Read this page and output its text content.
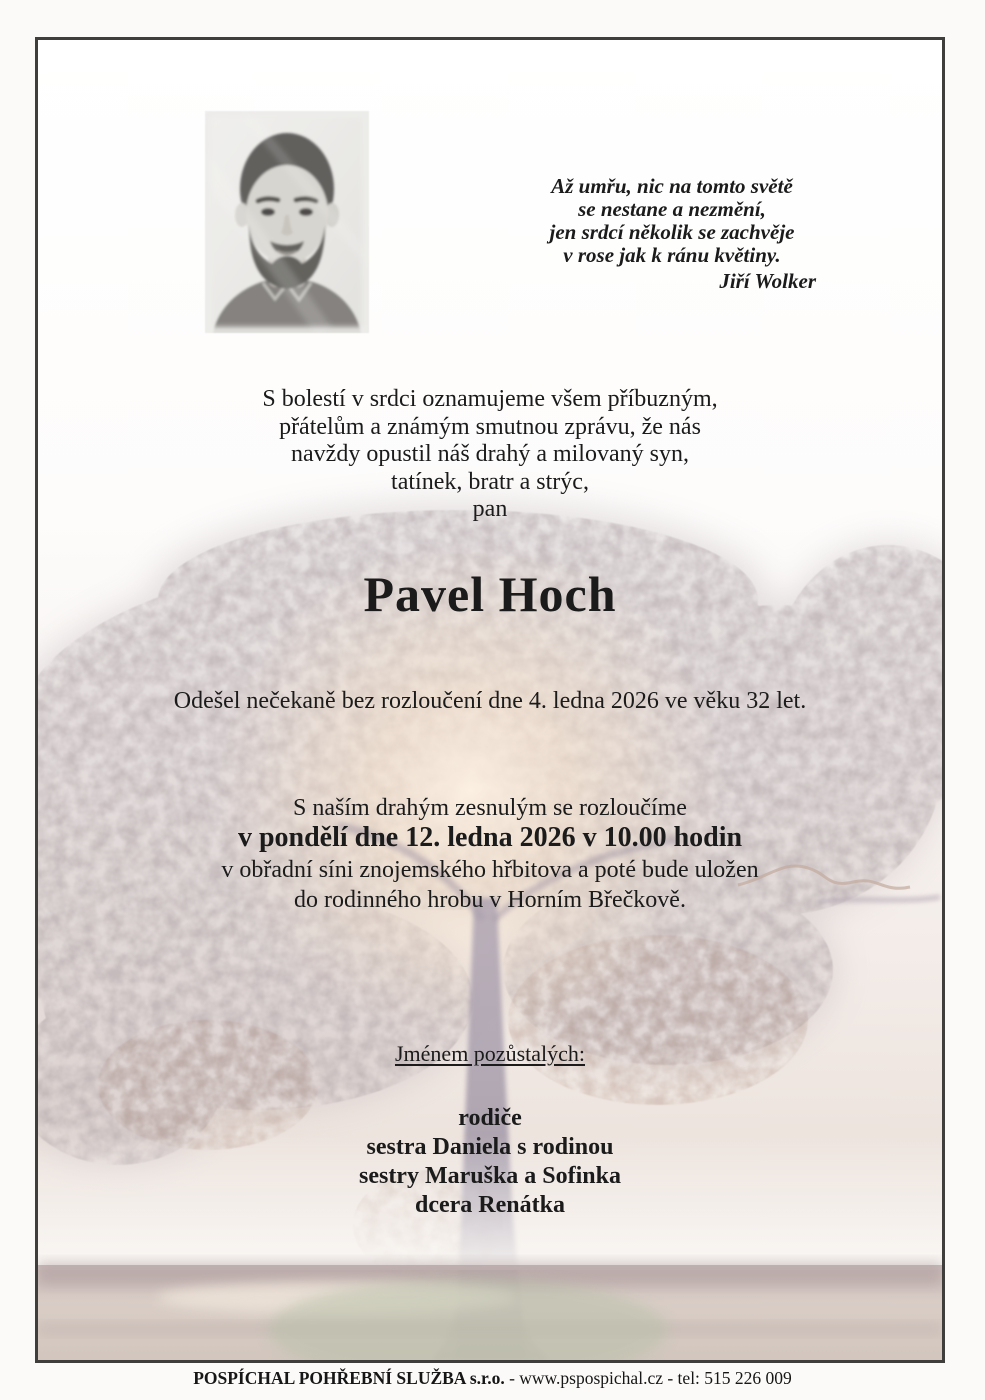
Až umřu, nic na tomto světě
se nestane a nezmění,
jen srdcí několik se zachvěje
v rose jak k ránu květiny.
Jiří Wolker
S bolestí v srdci oznamujeme všem příbuzným,
přátelům a známým smutnou zprávu, že nás
navždy opustil náš drahý a milovaný syn,
tatínek, bratr a strýc,
pan
Pavel Hoch
Odešel nečekaně bez rozloučení dne 4. ledna 2026 ve věku 32 let.
S naším drahým zesnulým se rozloučíme
v pondělí dne 12. ledna 2026 v 10.00 hodin
v obřadní síni znojemského hřbitova a poté bude uložen
do rodinného hrobu v Horním Břečkově.
Jménem pozůstalých:
rodiče
sestra Daniela s rodinou
sestry Maruška a Sofinka
dcera Renátka
POSPÍCHAL POHŘEBNÍ SLUŽBA s.r.o. - www.pspospichal.cz - tel: 515 226 009
